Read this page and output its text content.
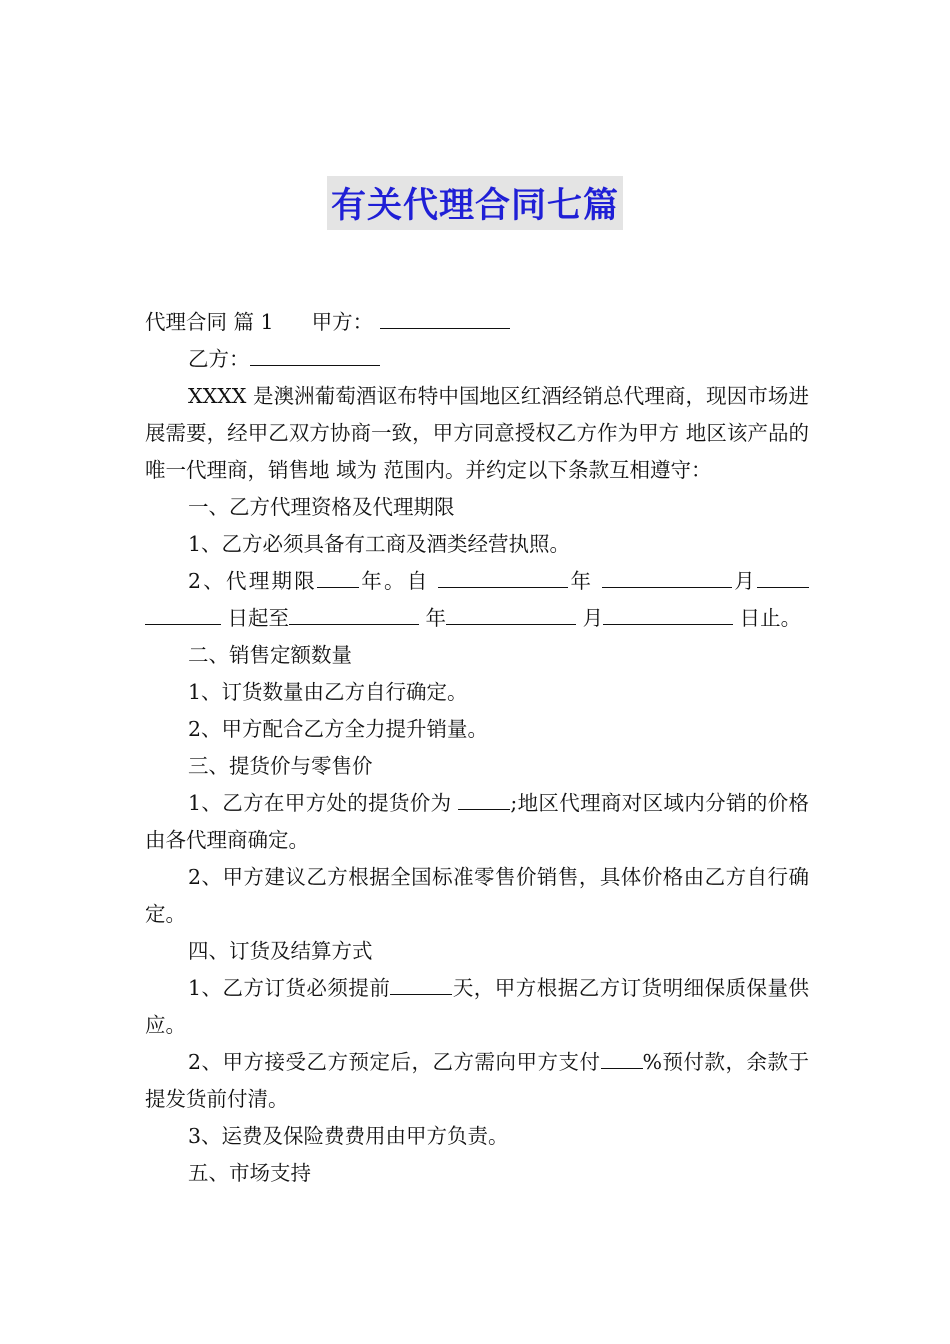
有关代理合同七篇

代理合同 篇 1 甲方：

乙方：

XXXX 是澳洲葡萄酒讴布特中国地区红酒经销总代理商，现因市场进展需要，经甲乙双方协商一致，甲方同意授权乙方作为甲方 地区该产品的唯一代理商，销售地 域为 范围内。并约定以下条款互相遵守：

一、乙方代理资格及代理期限

1、乙方必须具备有工商及酒类经营执照。

2、代理期限 年。自	年	月  日起至	年	月	日止。

二、销售定额数量

1、订货数量由乙方自行确定。

2、甲方配合乙方全力提升销量。

三、提货价与零售价

1、乙方在甲方处的提货价为	;地区代理商对区域内分销的价格由各代理商确定。

2、甲方建议乙方根据全国标准零售价销售，具体价格由乙方自行确定。

四、订货及结算方式

1、乙方订货必须提前	天，甲方根据乙方订货明细保质保量供应。

2、甲方接受乙方预定后，乙方需向甲方支付 %预付款，余款于提发货前付清。

3、运费及保险费费用由甲方负责。

五、市场支持
